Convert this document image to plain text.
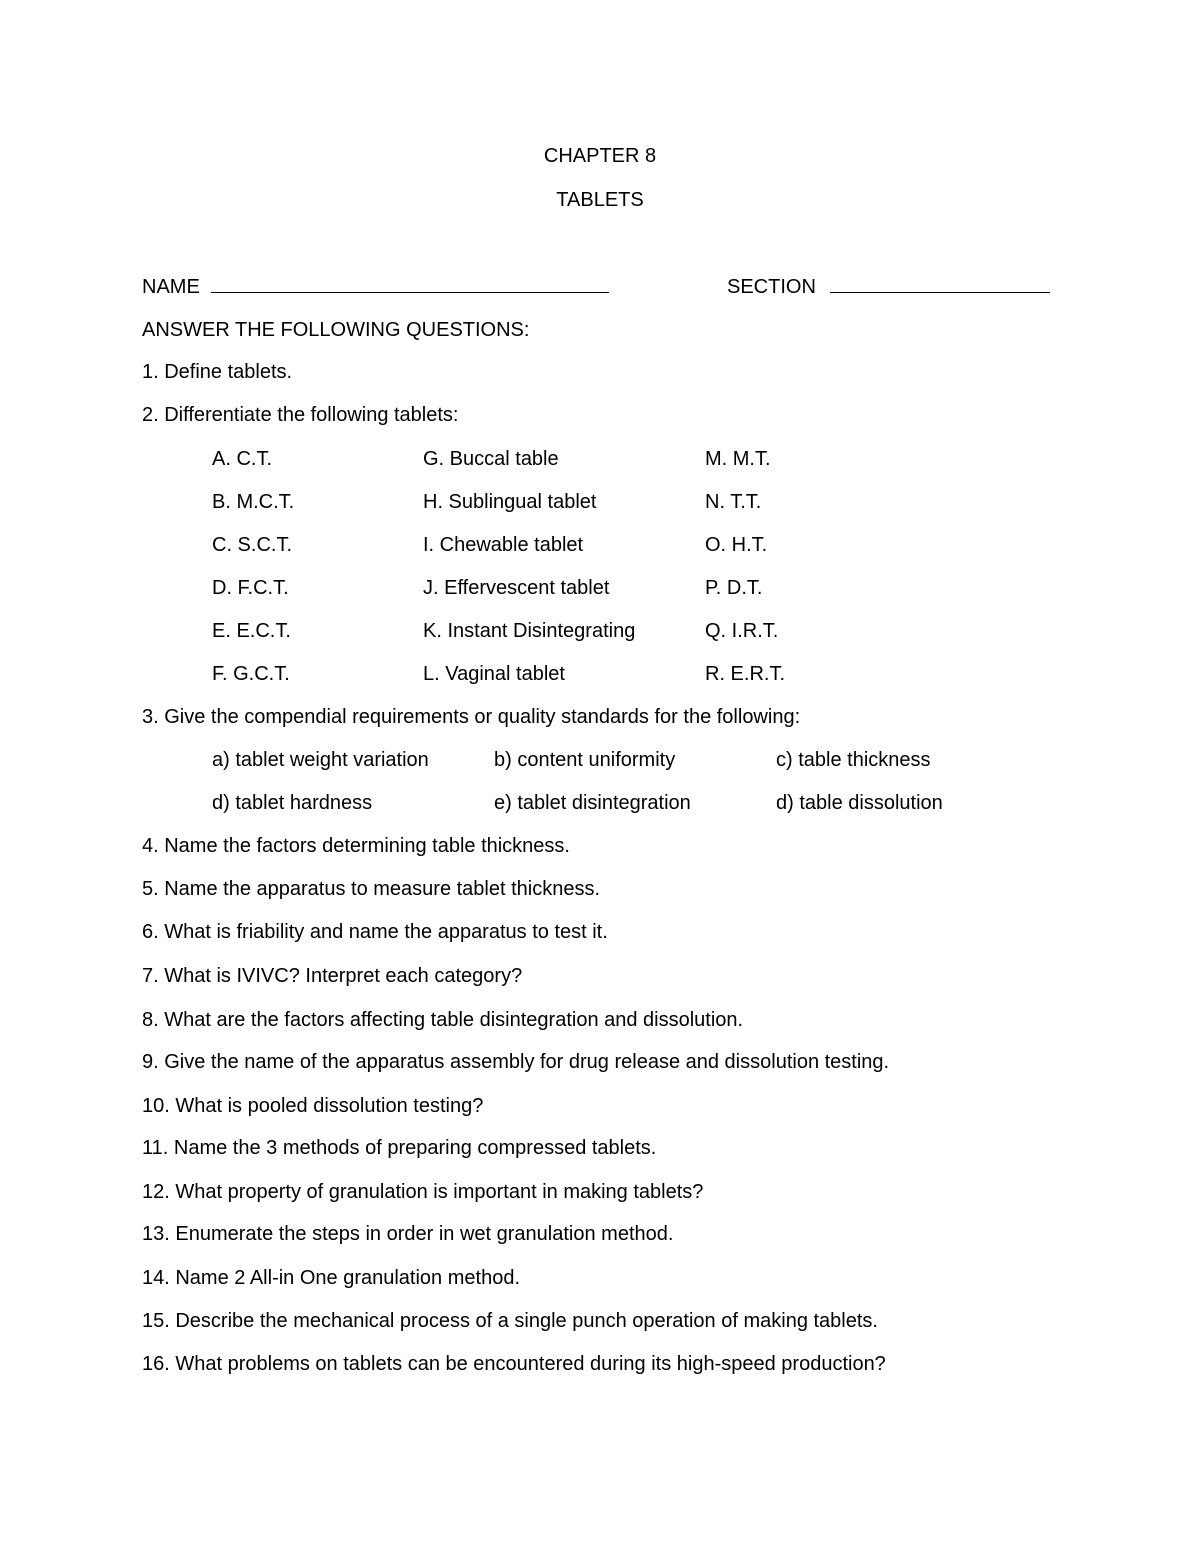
CHAPTER 8
TABLETS
NAME	SECTION
ANSWER THE FOLLOWING QUESTIONS:
1. Define tablets.
2. Differentiate the following tablets:
A. C.T.	G. Buccal table	M. M.T.
B. M.C.T.	H. Sublingual tablet	N. T.T.
C. S.C.T.	I. Chewable tablet	O. H.T.
D. F.C.T.	J. Effervescent tablet	P. D.T.
E. E.C.T.	K. Instant Disintegrating	Q. I.R.T.
F. G.C.T.	L. Vaginal tablet	R. E.R.T.
3. Give the compendial requirements or quality standards for the following:
a) tablet weight variation	b) content uniformity	c) table thickness
d) tablet hardness	e) tablet disintegration	d) table dissolution
4. Name the factors determining table thickness.
5. Name the apparatus to measure tablet thickness.
6. What is friability and name the apparatus to test it.
7. What is IVIVC? Interpret each category?
8. What are the factors affecting table disintegration and dissolution.
9. Give the name of the apparatus assembly for drug release and dissolution testing.
10. What is pooled dissolution testing?
11. Name the 3 methods of preparing compressed tablets.
12. What property of granulation is important in making tablets?
13. Enumerate the steps in order in wet granulation method.
14. Name 2 All-in One granulation method.
15. Describe the mechanical process of a single punch operation of making tablets.
16. What problems on tablets can be encountered during its high-speed production?
